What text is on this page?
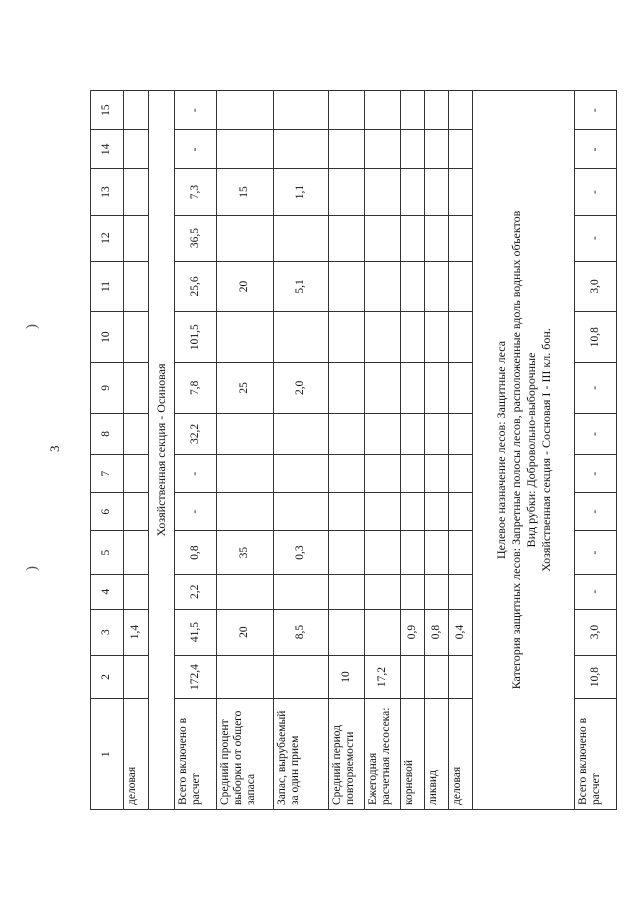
3
)
)
1	2	3	4	5	6	7	8	9	10	11	12	13	14	15
деловая		1,4												
Хозяйственная секция - Осиновая														
Всего включено в расчет	172,4	41,5	2,2	0,8	-	-	32,2	7,8	101,5	25,6	36,5	7,3	-	-
Средний процент выборки от общего запаса		20		35				25		20		15		
Запас, вырубаемый за один прием		8,5		0,3				2,0		5,1		1,1		
Средний период повторяемости	10													
Ежегодная расчетная лесосека:	17,2													
корневой		0,9												
ликвид		0,8												
деловая		0,4												

Целевое назначение лесов: Защитные леса Категория защитных лесов: Запретные полосы лесов, расположенные вдоль водных объектов Вид рубки: Добровольно-выборочные Хозяйственная секция - Сосновая I - III кл. бон.														

Всего включено в расчет	10,8	3,0	-	-	-	-	-	-	10,8	3,0	-	-	-	-
